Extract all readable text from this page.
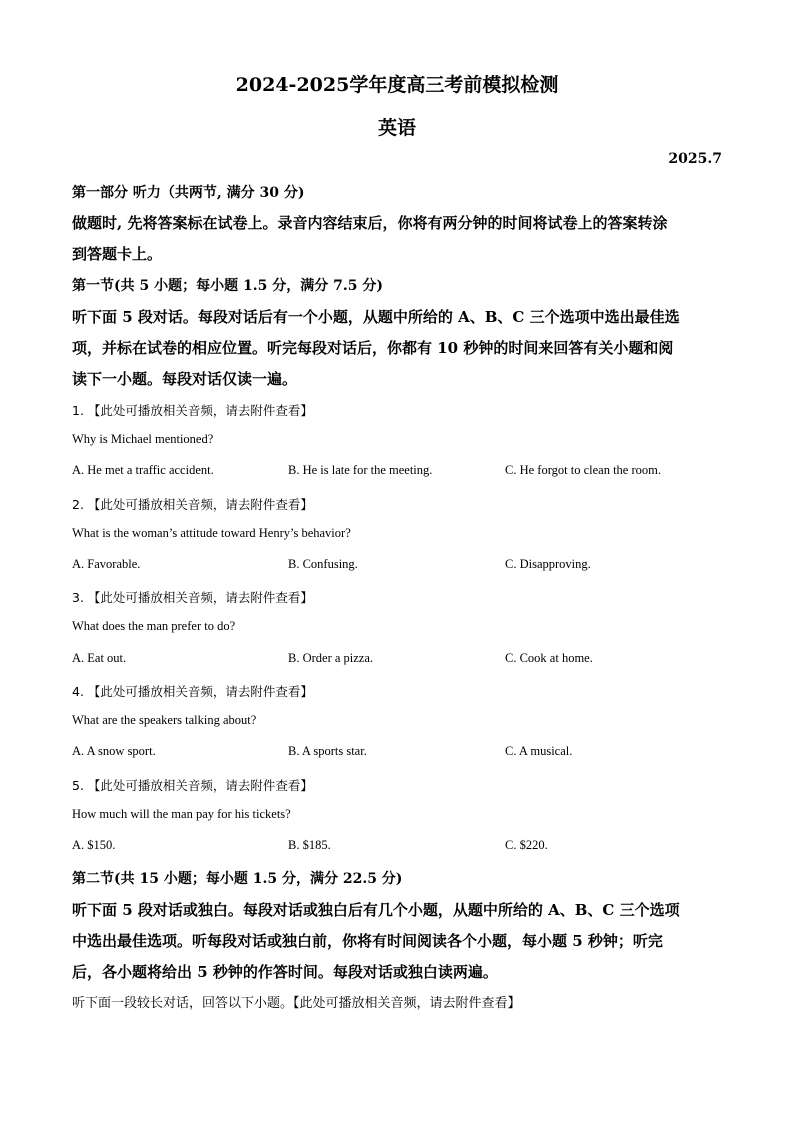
2024-2025学年度高三考前模拟检测
英语
2025.7
第一部分 听力（共两节, 满分 30 分)
做题时, 先将答案标在试卷上。录音内容结束后，你将有两分钟的时间将试卷上的答案转涂
到答题卡上。
第一节(共 5 小题；每小题 1.5 分，满分 7.5 分)
听下面 5 段对话。每段对话后有一个小题，从题中所给的 A、B、C 三个选项中选出最佳选
项，并标在试卷的相应位置。听完每段对话后，你都有 10 秒钟的时间来回答有关小题和阅
读下一小题。每段对话仅读一遍。
1. 【此处可播放相关音频，请去附件查看】
Why is Michael mentioned?
A. He met a traffic accident.	B. He is late for the meeting.	C. He forgot to clean the room.
2. 【此处可播放相关音频，请去附件查看】
What is the woman’s attitude toward Henry’s behavior?
A. Favorable.	B. Confusing.	C. Disapproving.
3. 【此处可播放相关音频，请去附件查看】
What does the man prefer to do?
A. Eat out.	B. Order a pizza.	C. Cook at home.
4. 【此处可播放相关音频，请去附件查看】
What are the speakers talking about?
A. A snow sport.	B. A sports star.	C. A musical.
5. 【此处可播放相关音频，请去附件查看】
How much will the man pay for his tickets?
A. $150.	B. $185.	C. $220.
第二节(共 15 小题；每小题 1.5 分，满分 22.5 分)
听下面 5 段对话或独白。每段对话或独白后有几个小题，从题中所给的 A、B、C 三个选项
中选出最佳选项。听每段对话或独白前，你将有时间阅读各个小题，每小题 5 秒钟；听完
后，各小题将给出 5 秒钟的作答时间。每段对话或独白读两遍。
听下面一段较长对话，回答以下小题。【此处可播放相关音频，请去附件查看】
